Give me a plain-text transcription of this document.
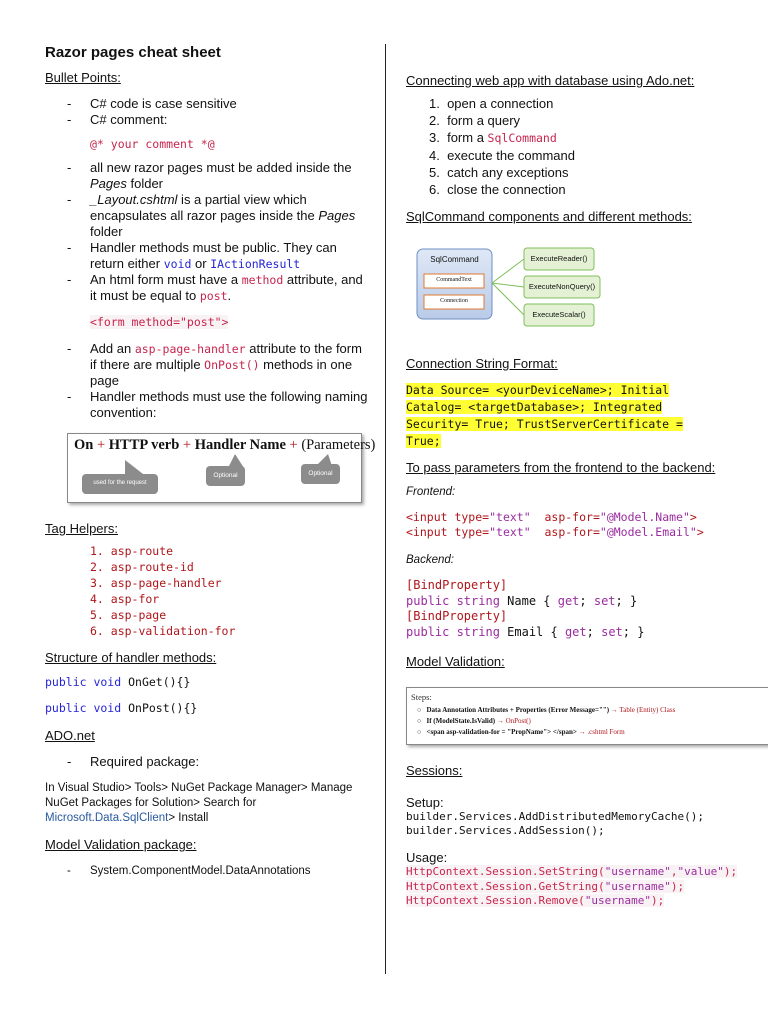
Razor pages cheat sheet

Bullet Points:

- C# code is case sensitive
- C# comment:
@* your comment *@
- all new razor pages must be added inside the Pages folder
- _Layout.cshtml is a partial view which encapsulates all razor pages inside the Pages folder
- Handler methods must be public. They can return either void or IActionResult
- An html form must have a method attribute, and it must be equal to post.
<form method="post">
- Add an asp-page-handler attribute to the form if there are multiple OnPost() methods in one page
- Handler methods must use the following naming convention:
On + HTTP verb + Handler Name + (Parameters)
used for the request
Optional	Optional

Tag Helpers:

1. asp-route
2. asp-route-id
3. asp-page-handler
4. asp-for
5. asp-page
6. asp-validation-for

Structure of handler methods:

public void OnGet(){}
public void OnPost(){}

ADO.net

- Required package:
In Visual Studio> Tools> NuGet Package Manager> Manage NuGet Packages for Solution> Search for Microsoft.Data.SqlClient> Install

Model Validation package:

- System.ComponentModel.DataAnnotations

Connecting web app with database using Ado.net:

1.  open a connection
2.  form a query
3.  form a SqlCommand
4.  execute the command
5.  catch any exceptions
6.  close the connection

SqlCommand components and different methods:

SqlCommand
CommandText
Connection
ExecuteReader()
ExecuteNonQuery()
ExecuteScalar()

Connection String Format:

Data Source= <yourDeviceName>; Initial Catalog= <targetDatabase>; Integrated Security= True; TrustServerCertificate = True;

To pass parameters from the frontend to the backend:

Frontend:
<input type="text"  asp-for="@Model.Name">
<input type="text"  asp-for="@Model.Email">
Backend:
[BindProperty]
public string Name { get; set; }
[BindProperty]
public string Email { get; set; }

Model Validation:

Steps:
○   Data Annotation Attributes + Properties (Error Message="") → Table (Entity) Class
○   If (ModelState.IsValid) → OnPost()
○   <span asp-validation-for = "PropName"> </span> → .cshtml Form

Sessions:

Setup:
builder.Services.AddDistributedMemoryCache();
builder.Services.AddSession();
Usage:
HttpContext.Session.SetString("username","value");
HttpContext.Session.GetString("username");
HttpContext.Session.Remove("username");
